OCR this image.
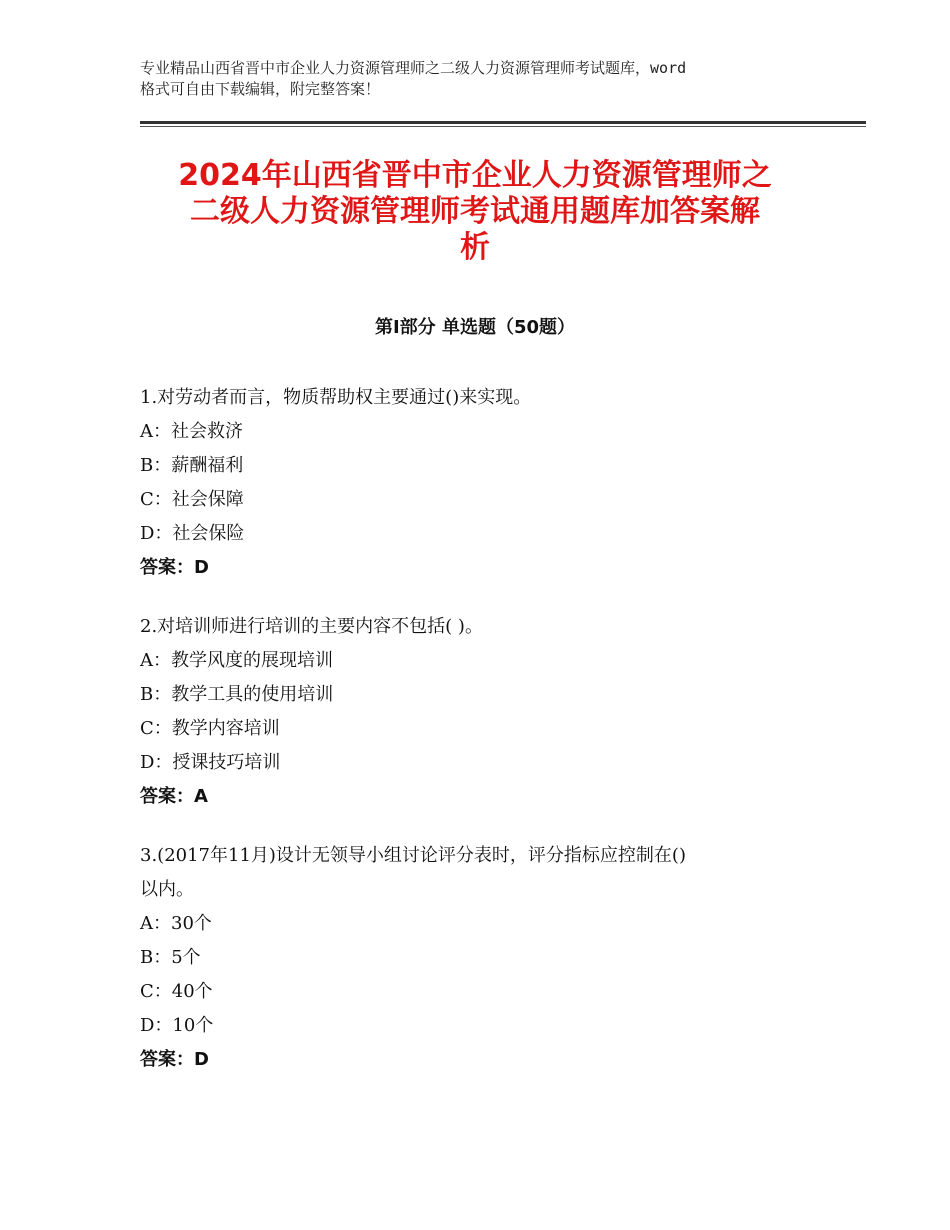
专业精品山西省晋中市企业人力资源管理师之二级人力资源管理师考试题库，word
格式可自由下载编辑，附完整答案！
2024年山西省晋中市企业人力资源管理师之
二级人力资源管理师考试通用题库加答案解
析
第Ⅰ部分 单选题（50题）
1.对劳动者而言，物质帮助权主要通过()来实现。
A：社会救济
B：薪酬福利
C：社会保障
D：社会保险
答案：D
2.对培训师进行培训的主要内容不包括( )。
A：教学风度的展现培训
B：教学工具的使用培训
C：教学内容培训
D：授课技巧培训
答案：A
3.(2017年11月)设计无领导小组讨论评分表时，评分指标应控制在()
以内。
A：30个
B：5个
C：40个
D：10个
答案：D
